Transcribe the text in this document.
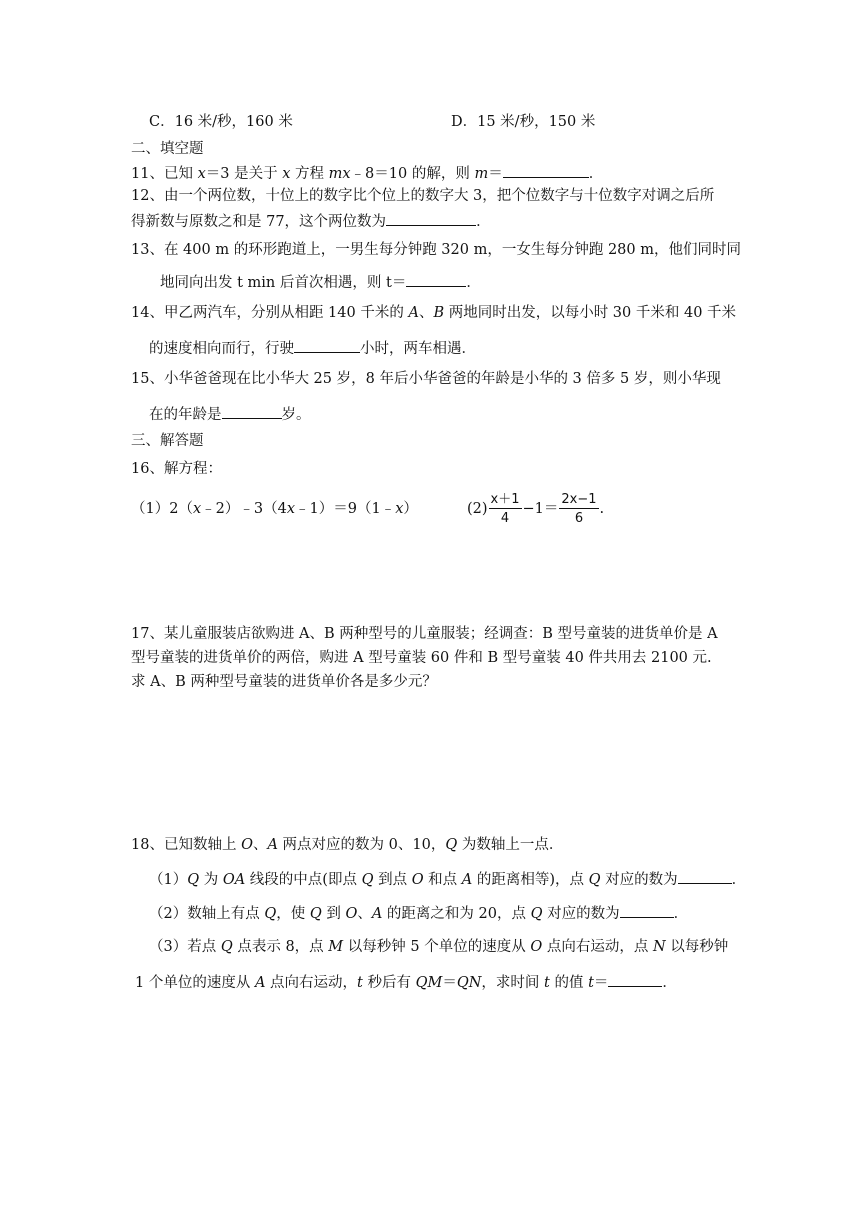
C．16 米/秒，160 米	D．15 米/秒，150 米
二、填空题
11、已知 x＝3 是关于 x 方程 mx﹣8＝10 的解，则 m＝	．
12、由一个两位数，十位上的数字比个位上的数字大 3，把个位数字与十位数字对调之后所
得新数与原数之和是 77，这个两位数为	．
13、在 400 m 的环形跑道上，一男生每分钟跑 320 m，一女生每分钟跑 280 m，他们同时同
地同向出发 t min 后首次相遇，则 t＝	．
14、甲乙两汽车，分别从相距 140 千米的 A、B 两地同时出发，以每小时 30 千米和 40 千米
的速度相向而行，行驶	小时，两车相遇．
15、小华爸爸现在比小华大 25 岁，8 年后小华爸爸的年龄是小华的 3 倍多 5 岁，则小华现
在的年龄是	岁。
三、解答题
16、解方程：
（1）2（x﹣2）﹣3（4x﹣1）＝9（1﹣x）	$(2) \frac{x+1}{4} -1= \frac{2x-1}{6}$ .
17、某儿童服装店欲购进 A、B 两种型号的儿童服装；经调查：B 型号童装的进货单价是 A
型号童装的进货单价的两倍，购进 A 型号童装 60 件和 B 型号童装 40 件共用去 2100 元.
求 A、B 两种型号童装的进货单价各是多少元？
18、已知数轴上 O、A 两点对应的数为 0、10，Q 为数轴上一点．
（1）Q 为 OA 线段的中点(即点 Q 到点 O 和点 A 的距离相等)，点 Q 对应的数为	．
（2）数轴上有点 Q，使 Q 到 O、A 的距离之和为 20，点 Q 对应的数为	．
（3）若点 Q 点表示 8，点 M 以每秒钟 5 个单位的速度从 O 点向右运动，点 N 以每秒钟
1 个单位的速度从 A 点向右运动，t 秒后有 QM＝QN，求时间 t 的值 t＝	．
